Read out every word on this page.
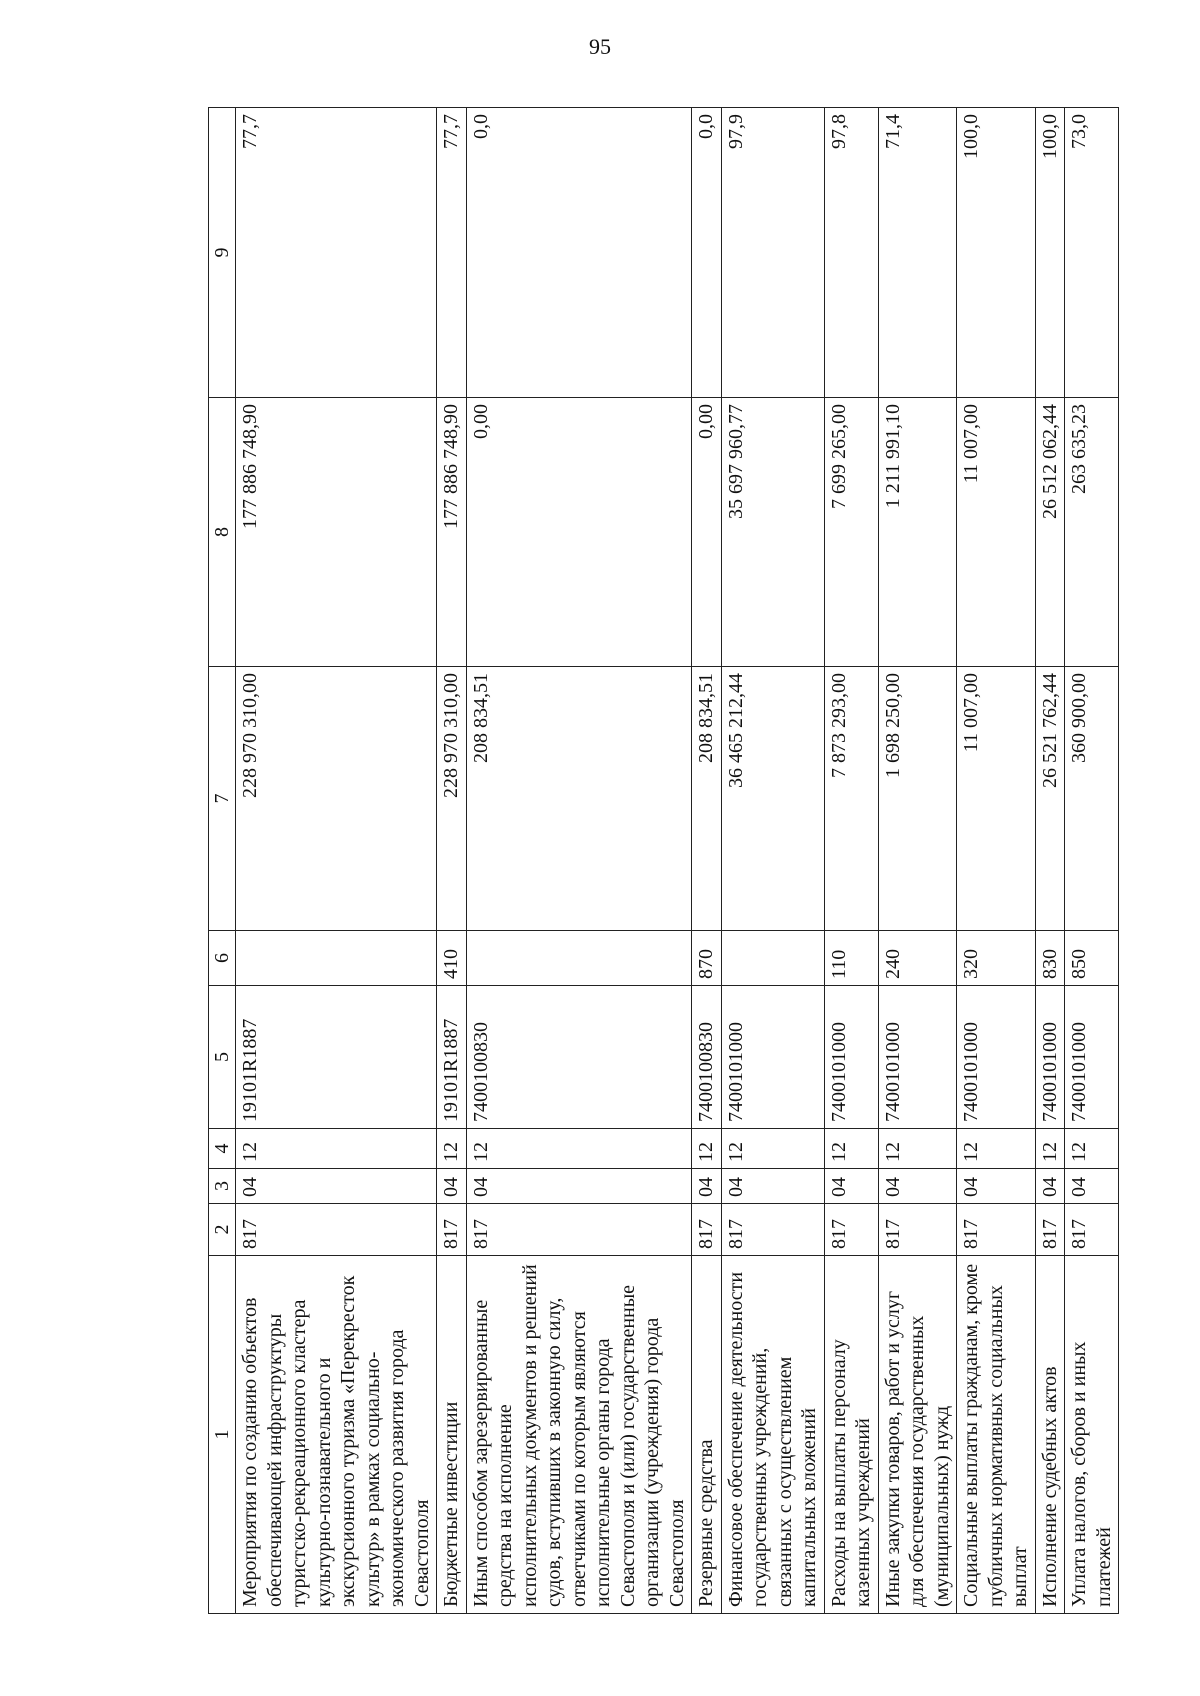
95
1	2	3	4	5	6	7	8	9
Мероприятия по созданию объектов обеспечивающей инфраструктуры туристско-рекреационного кластера культурно-познавательного и экскурсионного туризма «Перекресток культур» в рамках социально-экономического развития города Севастополя	817	04	12	19101R1887		228 970 310,00	177 886 748,90	77,7
Бюджетные инвестиции	817	04	12	19101R1887	410	228 970 310,00	177 886 748,90	77,7
Иным способом зарезервированные средства на исполнение исполнительных документов и решений судов, вступивших в законную силу, ответчиками по которым являются исполнительные органы города Севастополя и (или) государственные организации (учреждения) города Севастополя	817	04	12	7400100830		208 834,51	0,00	0,0
Резервные средства	817	04	12	7400100830	870	208 834,51	0,00	0,0
Финансовое обеспечение деятельности государственных учреждений, связанных с осуществлением капитальных вложений	817	04	12	7400101000		36 465 212,44	35 697 960,77	97,9
Расходы на выплаты персоналу казенных учреждений	817	04	12	7400101000	110	7 873 293,00	7 699 265,00	97,8
Иные закупки товаров, работ и услуг для обеспечения государственных (муниципальных) нужд	817	04	12	7400101000	240	1 698 250,00	1 211 991,10	71,4
Социальные выплаты гражданам, кроме публичных нормативных социальных выплат	817	04	12	7400101000	320	11 007,00	11 007,00	100,0
Исполнение судебных актов	817	04	12	7400101000	830	26 521 762,44	26 512 062,44	100,0
Уплата налогов, сборов и иных платежей	817	04	12	7400101000	850	360 900,00	263 635,23	73,0
